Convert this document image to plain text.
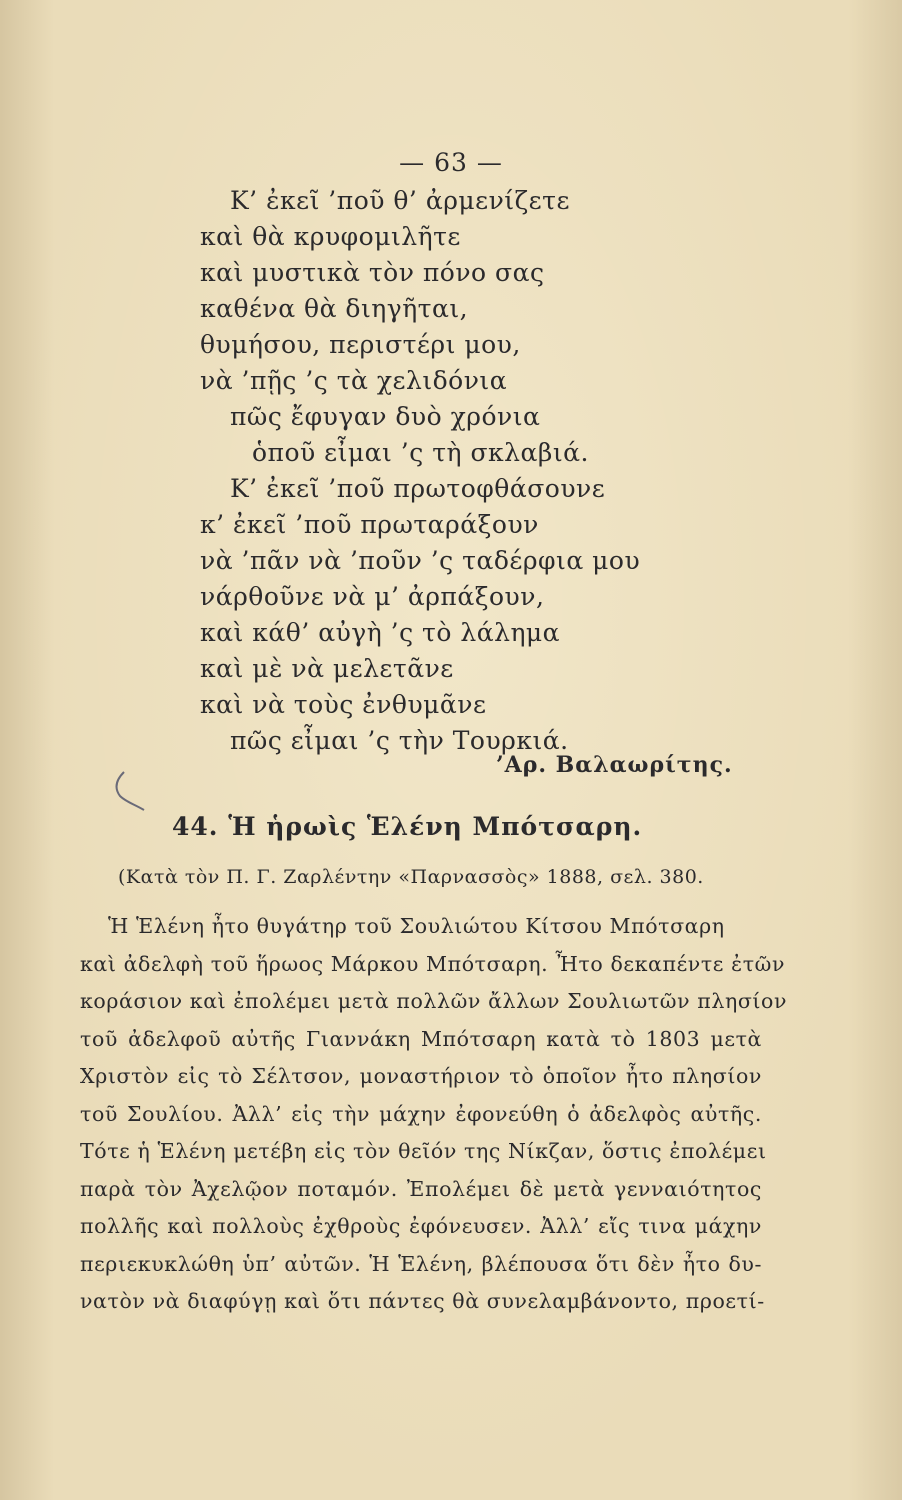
— 63 —
Κ’ ἐκεῖ ’ποῦ θ’ ἀρμενίζετε
καὶ θὰ κρυφομιλῆτε
καὶ μυστικὰ τὸν πόνο σας
καθένα θὰ διηγῆται,
θυμήσου, περιστέρι μου,
νὰ ’πῇς ’ς τὰ χελιδόνια
πῶς ἔφυγαν δυὸ χρόνια
ὁποῦ εἶμαι ’ς τὴ σκλαβιά.
Κ’ ἐκεῖ ’ποῦ πρωτοφθάσουνε
κ’ ἐκεῖ ’ποῦ πρωταράξουν
νὰ ’πᾶν νὰ ’ποῦν ’ς ταδέρφια μου
νάρθοῦνε νὰ μ’ ἀρπάξουν,
καὶ κάθ’ αὐγὴ ’ς τὸ λάλημα
καὶ μὲ νὰ μελετᾶνε
καὶ νὰ τοὺς ἐνθυμᾶνε
πῶς εἶμαι ’ς τὴν Τουρκιά.
’Αρ. Βαλαωρίτης.
44. Ἡ ἡρωὶς Ἑλένη Μπότσαρη.
(Κατὰ τὸν Π. Γ. Ζαρλέντην «Παρνασσὸς» 1888, σελ. 380.
Ἡ Ἑλένη ἦτο θυγάτηρ τοῦ Σουλιώτου Κίτσου Μπότσαρη
καὶ ἀδελφὴ τοῦ ἥρωος Μάρκου Μπότσαρη. Ἦτο δεκαπέντε ἐτῶν
κοράσιον καὶ ἐπολέμει μετὰ πολλῶν ἄλλων Σουλιωτῶν πλησίον
τοῦ ἀδελφοῦ αὐτῆς Γιαννάκη Μπότσαρη κατὰ τὸ 1803 μετὰ
Χριστὸν εἰς τὸ Σέλτσον, μοναστήριον τὸ ὁποῖον ἦτο πλησίον
τοῦ Σουλίου. Ἀλλ’ εἰς τὴν μάχην ἐφονεύθη ὁ ἀδελφὸς αὐτῆς.
Τότε ἡ Ἑλένη μετέβη εἰς τὸν θεῖόν της Νίκζαν, ὅστις ἐπολέμει
παρὰ τὸν Ἀχελῷον ποταμόν. Ἐπολέμει δὲ μετὰ γενναιότητος
πολλῆς καὶ πολλοὺς ἐχθροὺς ἐφόνευσεν. Ἀλλ’ εἴς τινα μάχην
περιεκυκλώθη ὑπ’ αὐτῶν. Ἡ Ἑλένη, βλέπουσα ὅτι δὲν ἦτο δυ-
νατὸν νὰ διαφύγῃ καὶ ὅτι πάντες θὰ συνελαμβάνοντο, προετί-
